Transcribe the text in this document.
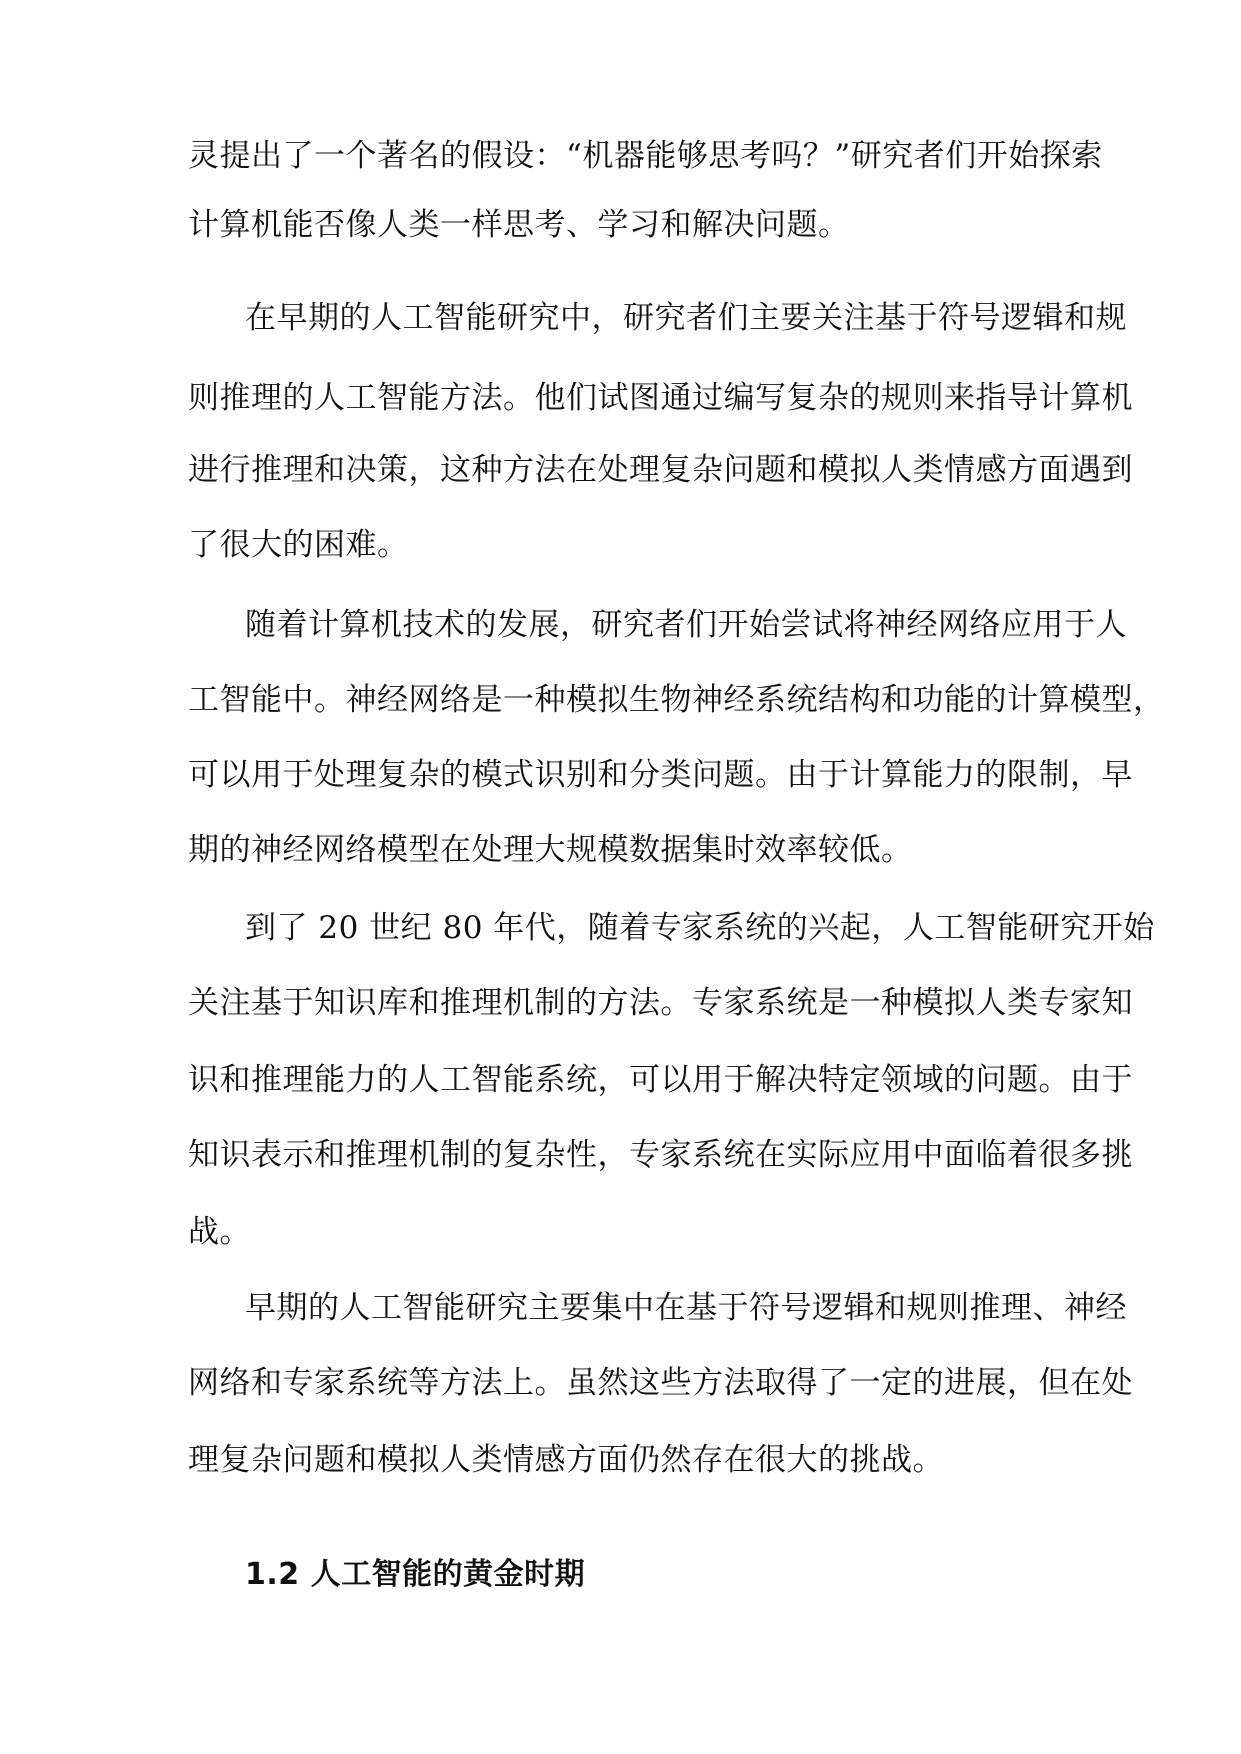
灵提出了一个著名的假设：“机器能够思考吗？”研究者们开始探索
计算机能否像人类一样思考、学习和解决问题。
在早期的人工智能研究中，研究者们主要关注基于符号逻辑和规
则推理的人工智能方法。他们试图通过编写复杂的规则来指导计算机
进行推理和决策，这种方法在处理复杂问题和模拟人类情感方面遇到
了很大的困难。
随着计算机技术的发展，研究者们开始尝试将神经网络应用于人
工智能中。神经网络是一种模拟生物神经系统结构和功能的计算模型，
可以用于处理复杂的模式识别和分类问题。由于计算能力的限制，早
期的神经网络模型在处理大规模数据集时效率较低。
到了 20 世纪 80 年代，随着专家系统的兴起，人工智能研究开始
关注基于知识库和推理机制的方法。专家系统是一种模拟人类专家知
识和推理能力的人工智能系统，可以用于解决特定领域的问题。由于
知识表示和推理机制的复杂性，专家系统在实际应用中面临着很多挑
战。
早期的人工智能研究主要集中在基于符号逻辑和规则推理、神经
网络和专家系统等方法上。虽然这些方法取得了一定的进展，但在处
理复杂问题和模拟人类情感方面仍然存在很大的挑战。
1.2 人工智能的黄金时期
